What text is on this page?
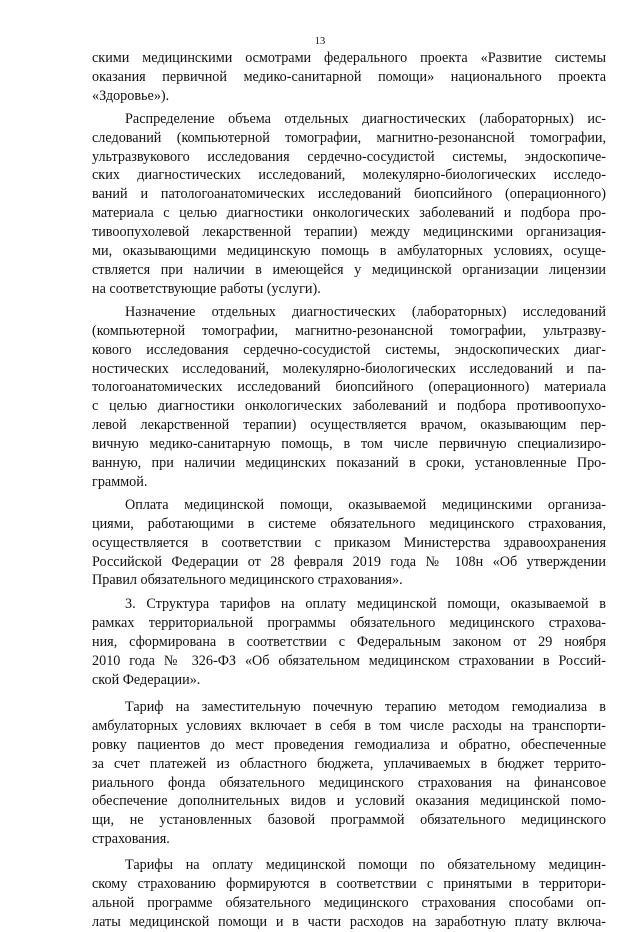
13
скими медицинскими осмотрами федерального проекта «Развитие системы
оказания первичной медико-санитарной помощи» национального проекта
«Здоровье»).
Распределение объема отдельных диагностических (лабораторных) ис-
следований (компьютерной томографии, магнитно-резонансной томографии,
ультразвукового исследования сердечно-сосудистой системы, эндоскопиче-
ских диагностических исследований, молекулярно-биологических исследо-
ваний и патологоанатомических исследований биопсийного (операционного)
материала с целью диагностики онкологических заболеваний и подбора про-
тивоопухолевой лекарственной терапии) между медицинскими организация-
ми, оказывающими медицинскую помощь в амбулаторных условиях, осуще-
ствляется при наличии в имеющейся у медицинской организации лицензии
на соответствующие работы (услуги).
Назначение отдельных диагностических (лабораторных) исследований
(компьютерной томографии, магнитно-резонансной томографии, ультразву-
кового исследования сердечно-сосудистой системы, эндоскопических диаг-
ностических исследований, молекулярно-биологических исследований и па-
тологоанатомических исследований биопсийного (операционного) материала
с целью диагностики онкологических заболеваний и подбора противоопухо-
левой лекарственной терапии) осуществляется врачом, оказывающим пер-
вичную медико-санитарную помощь, в том числе первичную специализиро-
ванную, при наличии медицинских показаний в сроки, установленные Про-
граммой.
Оплата медицинской помощи, оказываемой медицинскими организа-
циями, работающими в системе обязательного медицинского страхования,
осуществляется в соответствии с приказом Министерства здравоохранения
Российской Федерации от 28 февраля 2019 года № 108н «Об утверждении
Правил обязательного медицинского страхования».
3. Структура тарифов на оплату медицинской помощи, оказываемой в
рамках территориальной программы обязательного медицинского страхова-
ния, сформирована в соответствии с Федеральным законом от 29 ноября
2010 года № 326-ФЗ «Об обязательном медицинском страховании в Россий-
ской Федерации».
Тариф на заместительную почечную терапию методом гемодиализа в
амбулаторных условиях включает в себя в том числе расходы на транспорти-
ровку пациентов до мест проведения гемодиализа и обратно, обеспеченные
за счет платежей из областного бюджета, уплачиваемых в бюджет террито-
риального фонда обязательного медицинского страхования на финансовое
обеспечение дополнительных видов и условий оказания медицинской помо-
щи, не установленных базовой программой обязательного медицинского
страхования.
Тарифы на оплату медицинской помощи по обязательному медицин-
скому страхованию формируются в соответствии с принятыми в территори-
альной программе обязательного медицинского страхования способами оп-
латы медицинской помощи и в части расходов на заработную плату включа-
